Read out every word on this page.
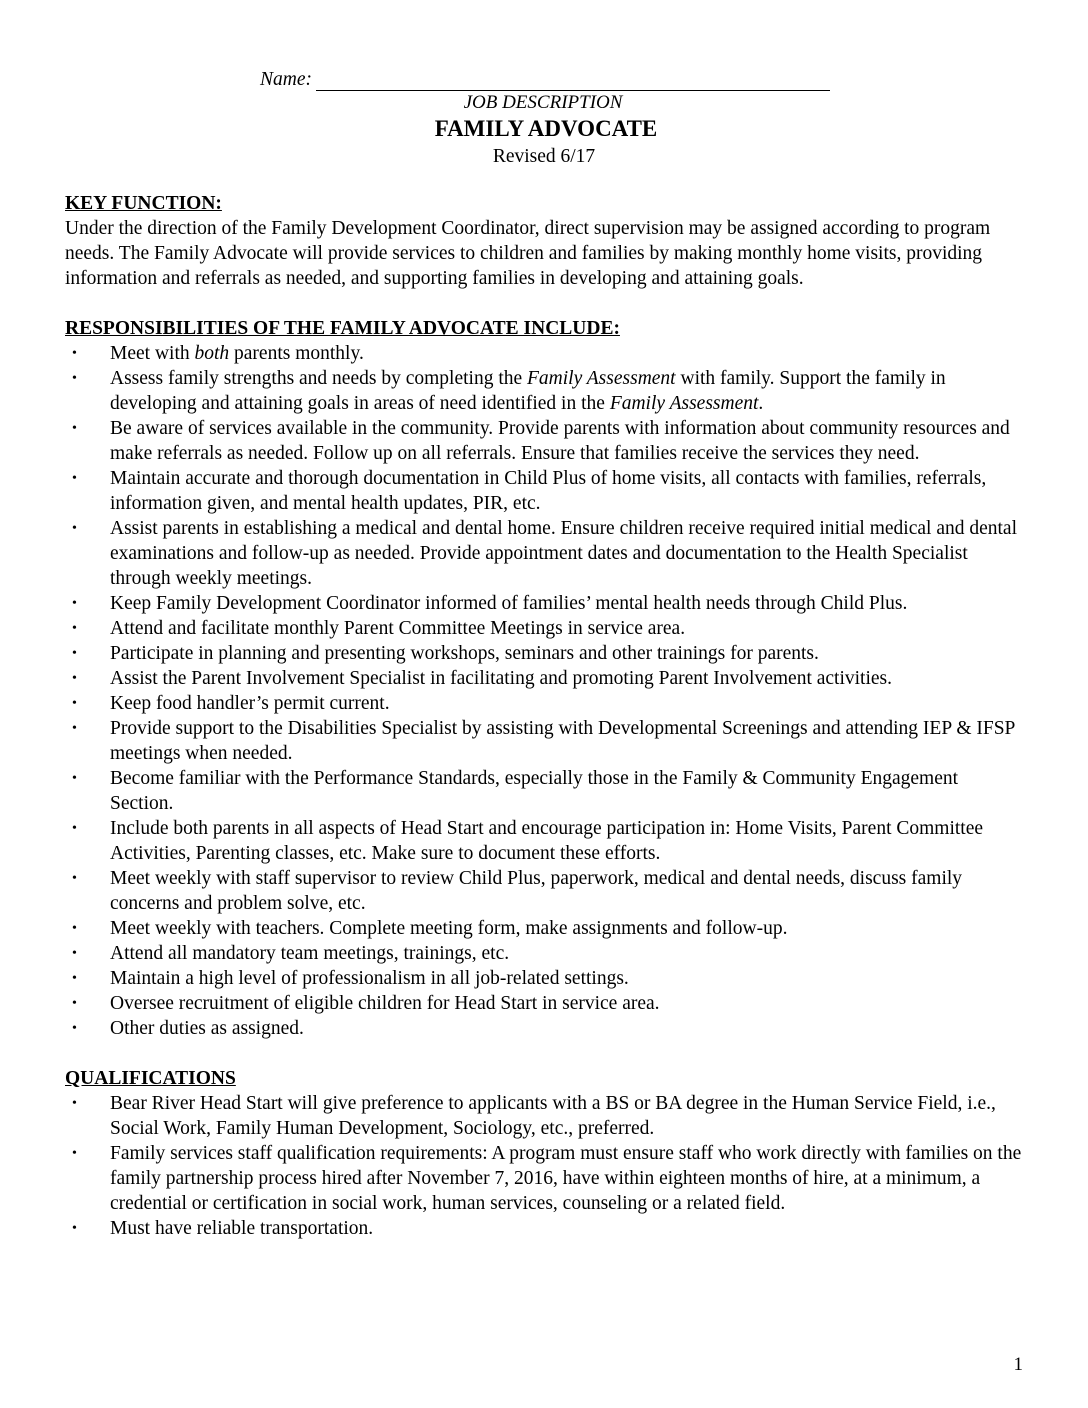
Name:
JOB DESCRIPTION
FAMILY ADVOCATE
Revised 6/17

KEY FUNCTION:

Under the direction of the Family Development Coordinator, direct supervision may be assigned according to program needs. The Family Advocate will provide services to children and families by making monthly home visits, providing information and referrals as needed, and supporting families in developing and attaining goals.

RESPONSIBILITIES OF THE FAMILY ADVOCATE INCLUDE:

• Meet with both parents monthly.
• Assess family strengths and needs by completing the Family Assessment with family. Support the family in developing and attaining goals in areas of need identified in the Family Assessment.
• Be aware of services available in the community. Provide parents with information about community resources and make referrals as needed. Follow up on all referrals. Ensure that families receive the services they need.
• Maintain accurate and thorough documentation in Child Plus of home visits, all contacts with families, referrals, information given, and mental health updates, PIR, etc.
• Assist parents in establishing a medical and dental home. Ensure children receive required initial medical and dental examinations and follow-up as needed. Provide appointment dates and documentation to the Health Specialist through weekly meetings.
• Keep Family Development Coordinator informed of families’ mental health needs through Child Plus.
• Attend and facilitate monthly Parent Committee Meetings in service area.
• Participate in planning and presenting workshops, seminars and other trainings for parents.
• Assist the Parent Involvement Specialist in facilitating and promoting Parent Involvement activities.
• Keep food handler’s permit current.
• Provide support to the Disabilities Specialist by assisting with Developmental Screenings and attending IEP & IFSP meetings when needed.
• Become familiar with the Performance Standards, especially those in the Family & Community Engagement Section.
• Include both parents in all aspects of Head Start and encourage participation in: Home Visits, Parent Committee Activities, Parenting classes, etc. Make sure to document these efforts.
• Meet weekly with staff supervisor to review Child Plus, paperwork, medical and dental needs, discuss family concerns and problem solve, etc.
• Meet weekly with teachers. Complete meeting form, make assignments and follow-up.
• Attend all mandatory team meetings, trainings, etc.
• Maintain a high level of professionalism in all job-related settings.
• Oversee recruitment of eligible children for Head Start in service area.
• Other duties as assigned.

QUALIFICATIONS

• Bear River Head Start will give preference to applicants with a BS or BA degree in the Human Service Field, i.e., Social Work, Family Human Development, Sociology, etc., preferred.
• Family services staff qualification requirements: A program must ensure staff who work directly with families on the family partnership process hired after November 7, 2016, have within eighteen months of hire, at a minimum, a credential or certification in social work, human services, counseling or a related field.
• Must have reliable transportation.
1
